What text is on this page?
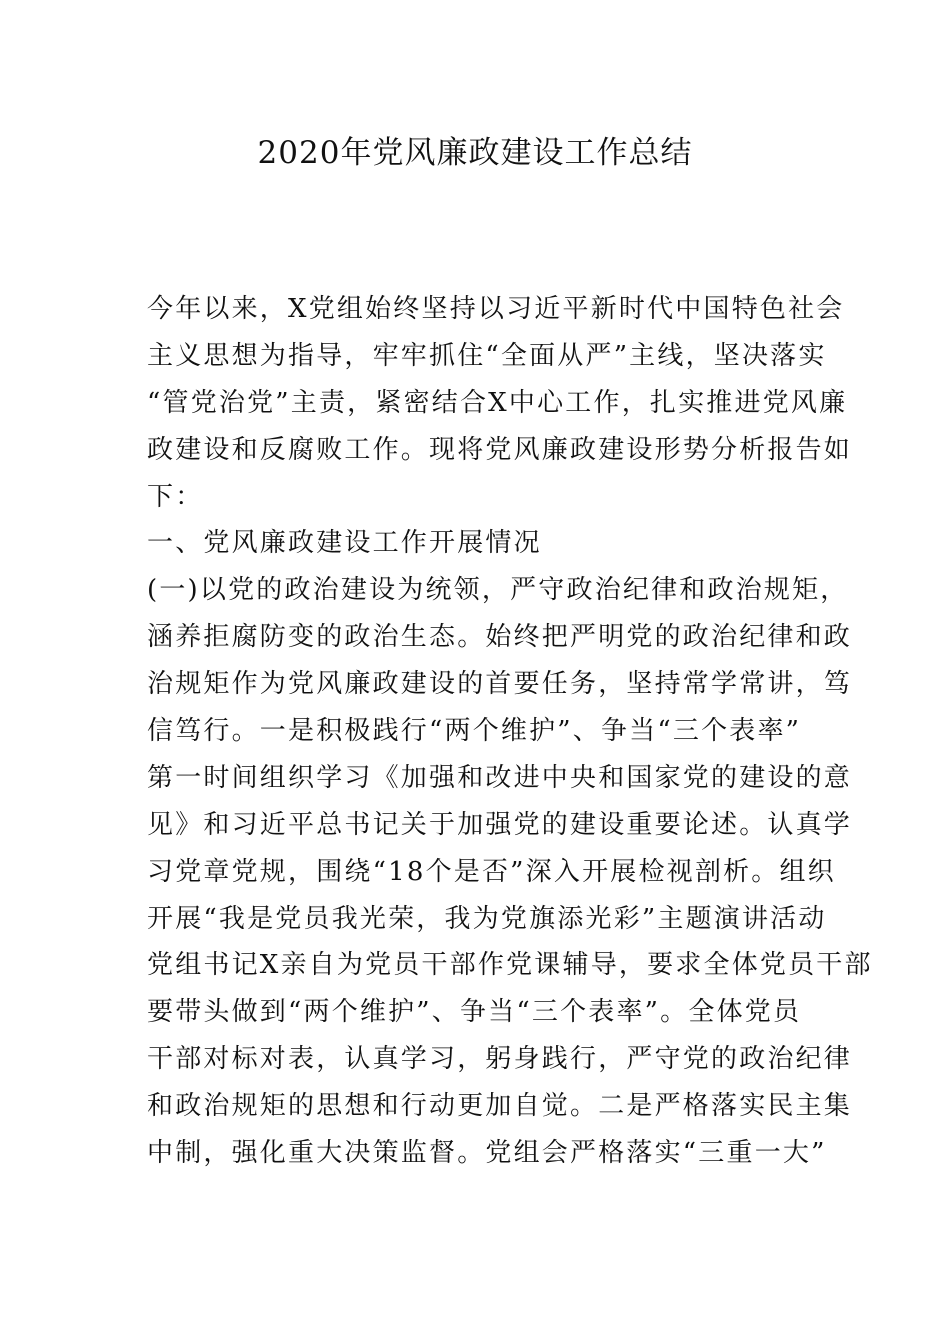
2020年党风廉政建设工作总结
今年以来，X党组始终坚持以习近平新时代中国特色社会
主义思想为指导，牢牢抓住“全面从严”主线，坚决落实
“管党治党”主责，紧密结合X中心工作，扎实推进党风廉
政建设和反腐败工作。现将党风廉政建设形势分析报告如
下：
一、党风廉政建设工作开展情况
(一)以党的政治建设为统领，严守政治纪律和政治规矩，
涵养拒腐防变的政治生态。始终把严明党的政治纪律和政
治规矩作为党风廉政建设的首要任务，坚持常学常讲，笃
信笃行。一是积极践行“两个维护”、争当“三个表率”
第一时间组织学习《加强和改进中央和国家党的建设的意
见》和习近平总书记关于加强党的建设重要论述。认真学
习党章党规，围绕“18个是否”深入开展检视剖析。组织
开展“我是党员我光荣，我为党旗添光彩”主题演讲活动
党组书记X亲自为党员干部作党课辅导，要求全体党员干部
要带头做到“两个维护”、争当“三个表率”。全体党员
干部对标对表，认真学习，躬身践行，严守党的政治纪律
和政治规矩的思想和行动更加自觉。二是严格落实民主集
中制，强化重大决策监督。党组会严格落实“三重一大”
